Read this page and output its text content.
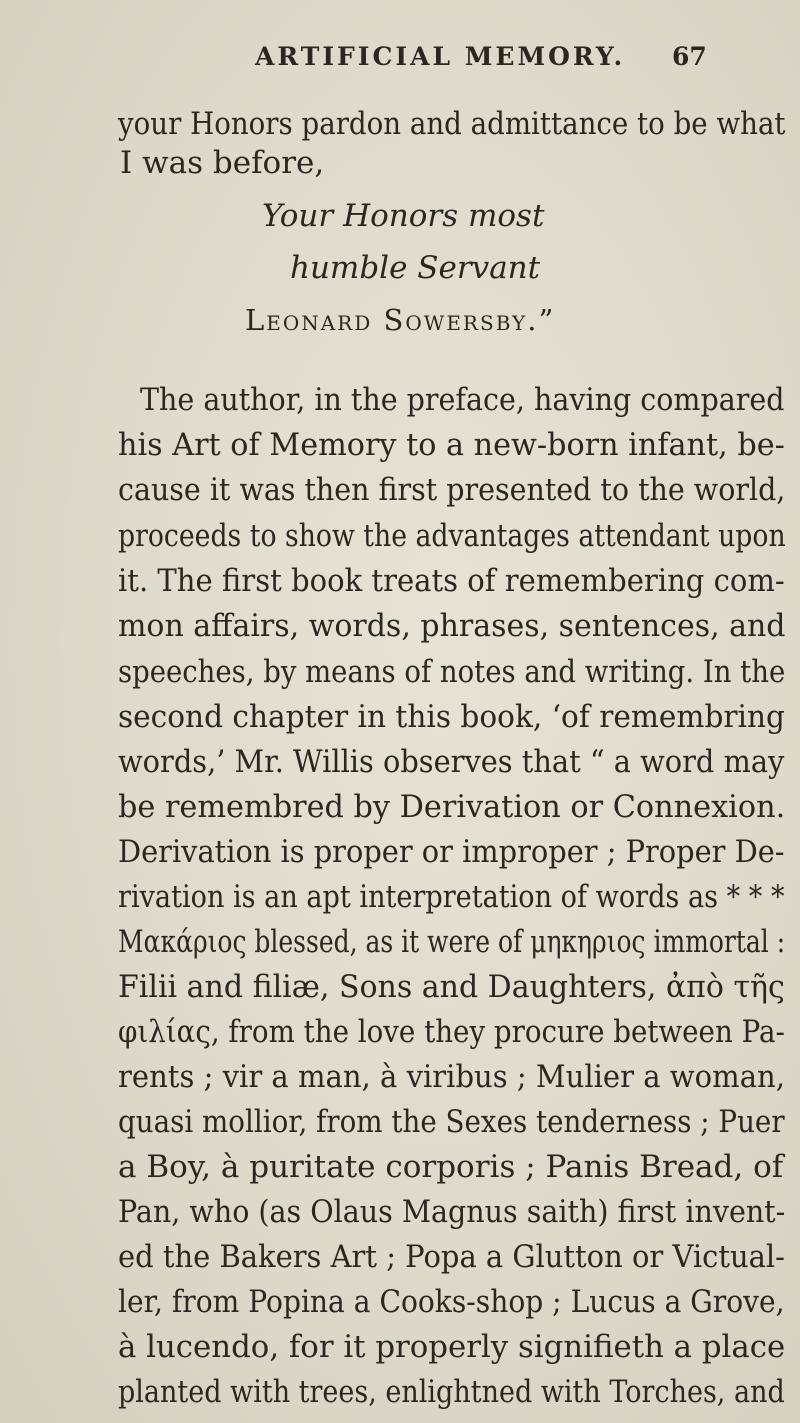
ARTIFICIAL MEMORY. 67
your Honors pardon and admittance to be what
I was before,
Your Honors most
humble Servant
Leonard Sowersby.”
The author, in the preface, having compared
his Art of Memory to a new-born infant, be-
cause it was then first presented to the world,
proceeds to show the advantages attendant upon
it. The first book treats of remembering com-
mon affairs, words, phrases, sentences, and
speeches, by means of notes and writing. In the
second chapter in this book, ‘of remembring
words,’ Mr. Willis observes that “ a word may
be remembred by Derivation or Connexion.
Derivation is proper or improper ; Proper De-
rivation is an apt interpretation of words as * * *
Μακάριος blessed, as it were of μηκηριος immortal :
Filii and filiæ, Sons and Daughters, ἀπὸ τῆς
φιλίας, from the love they procure between Pa-
rents ; vir a man, à viribus ; Mulier a woman,
quasi mollior, from the Sexes tenderness ; Puer
a Boy, à puritate corporis ; Panis Bread, of
Pan, who (as Olaus Magnus saith) first invent-
ed the Bakers Art ; Popa a Glutton or Victual-
ler, from Popina a Cooks-shop ; Lucus a Grove,
à lucendo, for it properly signifieth a place
planted with trees, enlightned with Torches, and
